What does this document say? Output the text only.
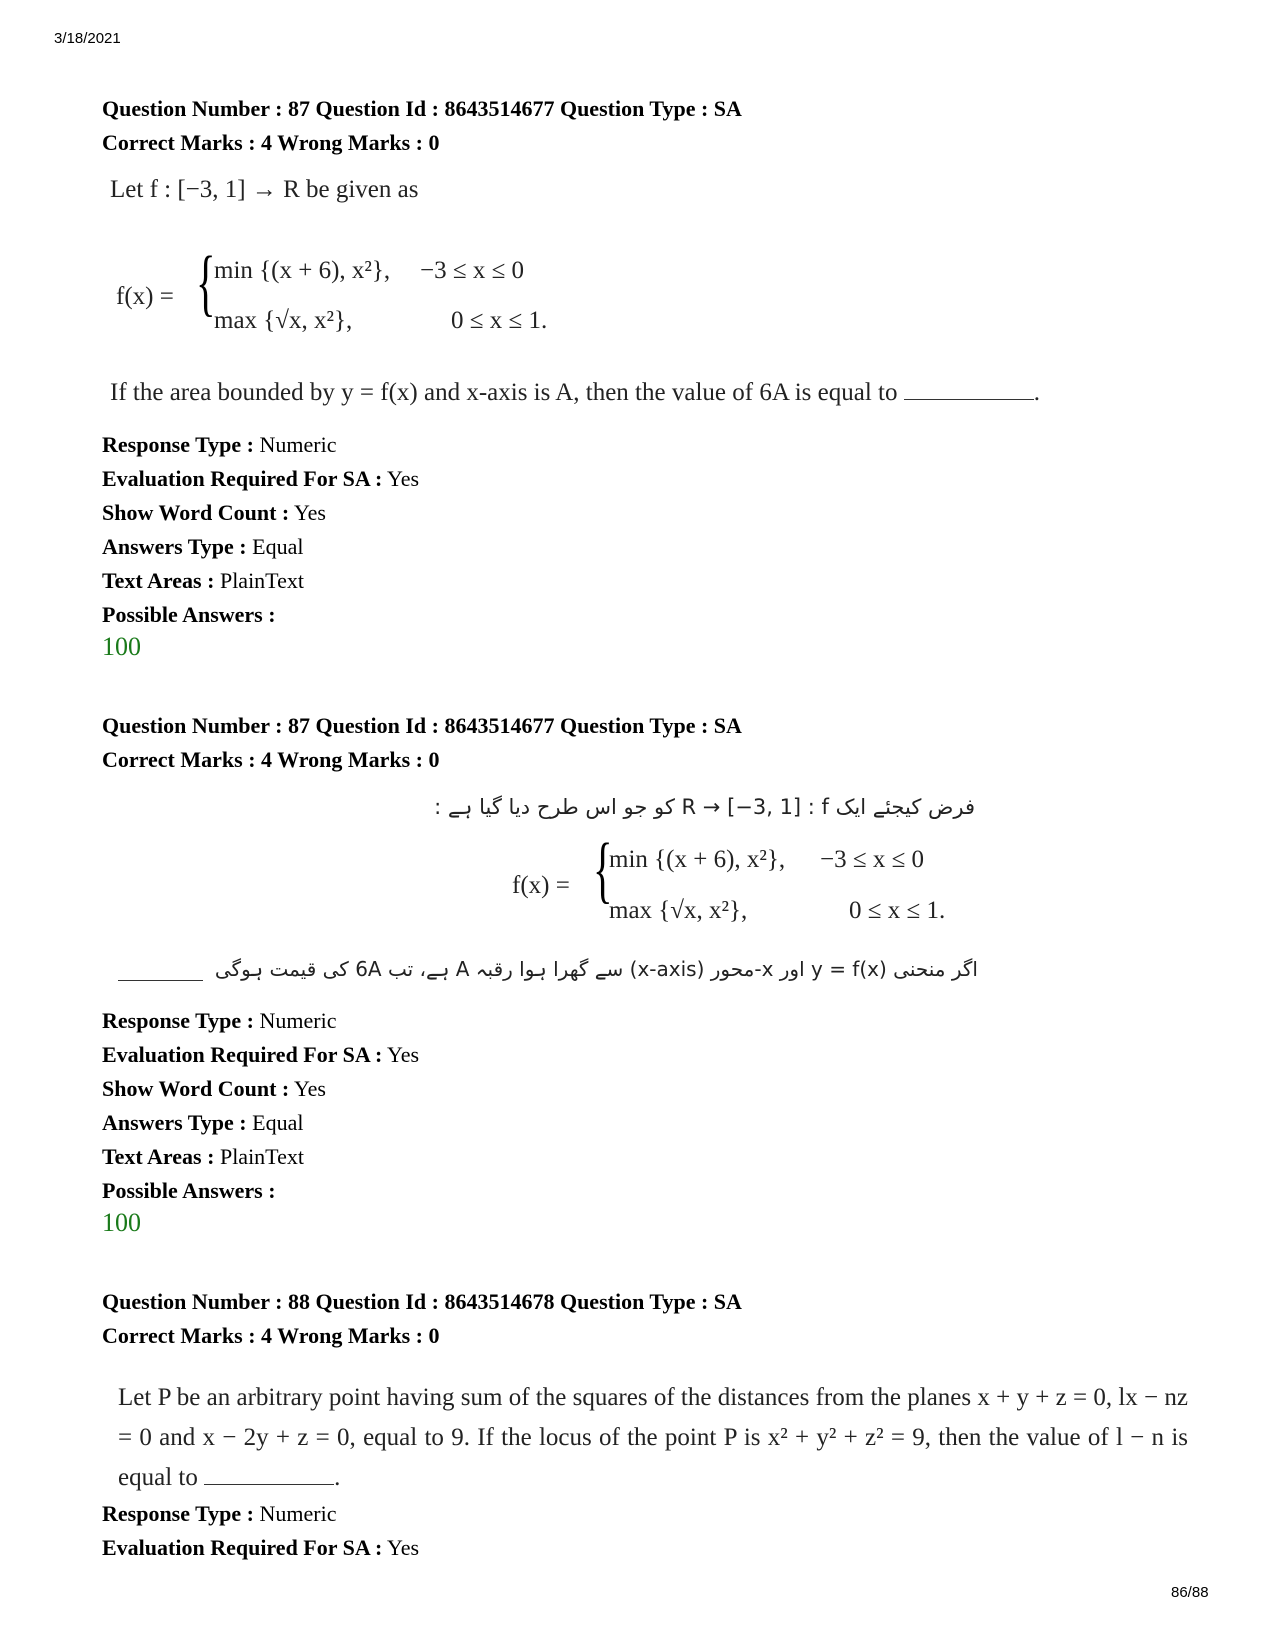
3/18/2021
Question Number : 87 Question Id : 8643514677 Question Type : SA
Correct Marks : 4 Wrong Marks : 0
Let f : [−3, 1] → R be given as
f(x) = {
min {(x + 6), x²}, −3 ≤ x ≤ 0
max {√x, x²},	0 ≤ x ≤ 1.
If the area bounded by y = f(x) and x-axis is A, then the value of 6A is equal to	.
Response Type : Numeric
Evaluation Required For SA : Yes
Show Word Count : Yes
Answers Type : Equal
Text Areas : PlainText
Possible Answers :
100
Question Number : 87 Question Id : 8643514677 Question Type : SA
Correct Marks : 4 Wrong Marks : 0
فرض کیجئے ایک R → [−3, 1] : f کو جو اس طرح دیا گیا ہے :
f(x) = {
min {(x + 6), x²}, −3 ≤ x ≤ 0
max {√x, x²},	0 ≤ x ≤ 1.
اگر منحنی y = f(x) اور x-محور (x-axis) سے گھرا ہوا رقبہ A ہے، تب 6A کی قیمت ہوگی
Response Type : Numeric
Evaluation Required For SA : Yes
Show Word Count : Yes
Answers Type : Equal
Text Areas : PlainText
Possible Answers :
100
Question Number : 88 Question Id : 8643514678 Question Type : SA
Correct Marks : 4 Wrong Marks : 0
Let P be an arbitrary point having sum of the squares of the distances from the planes x + y + z = 0, lx − nz = 0 and x − 2y + z = 0, equal to 9. If the locus of the point P is x² + y² + z² = 9, then the value of l − n is equal to	.
Response Type : Numeric
Evaluation Required For SA : Yes
86/88
